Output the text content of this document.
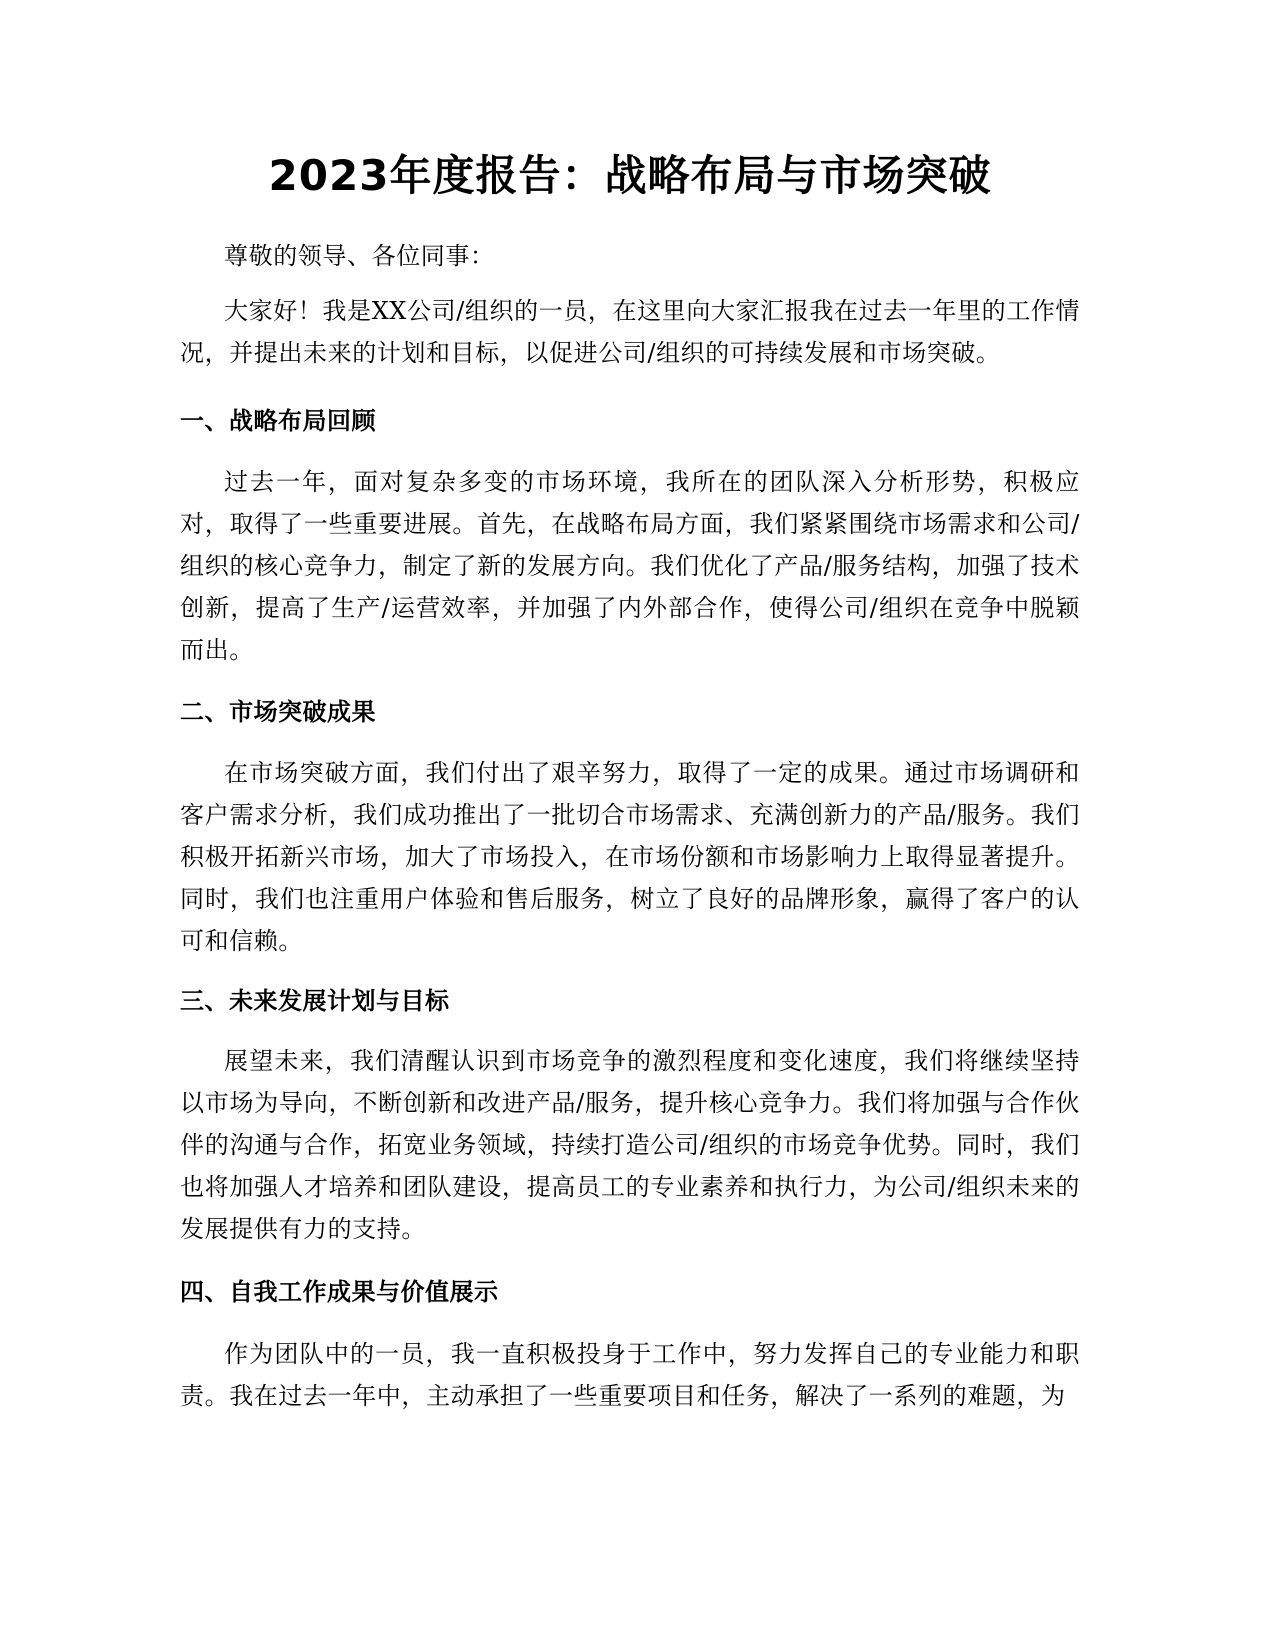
2023年度报告：战略布局与市场突破

尊敬的领导、各位同事：

大家好！我是XX公司/组织的一员，在这里向大家汇报我在过去一年里的工作情况，并提出未来的计划和目标，以促进公司/组织的可持续发展和市场突破。

一、战略布局回顾

过去一年，面对复杂多变的市场环境，我所在的团队深入分析形势，积极应对，取得了一些重要进展。首先，在战略布局方面，我们紧紧围绕市场需求和公司/组织的核心竞争力，制定了新的发展方向。我们优化了产品/服务结构，加强了技术创新，提高了生产/运营效率，并加强了内外部合作，使得公司/组织在竞争中脱颖而出。

二、市场突破成果

在市场突破方面，我们付出了艰辛努力，取得了一定的成果。通过市场调研和客户需求分析，我们成功推出了一批切合市场需求、充满创新力的产品/服务。我们积极开拓新兴市场，加大了市场投入，在市场份额和市场影响力上取得显著提升。同时，我们也注重用户体验和售后服务，树立了良好的品牌形象，赢得了客户的认可和信赖。

三、未来发展计划与目标

展望未来，我们清醒认识到市场竞争的激烈程度和变化速度，我们将继续坚持以市场为导向，不断创新和改进产品/服务，提升核心竞争力。我们将加强与合作伙伴的沟通与合作，拓宽业务领域，持续打造公司/组织的市场竞争优势。同时，我们也将加强人才培养和团队建设，提高员工的专业素养和执行力，为公司/组织未来的发展提供有力的支持。

四、自我工作成果与价值展示

作为团队中的一员，我一直积极投身于工作中，努力发挥自己的专业能力和职责。我在过去一年中，主动承担了一些重要项目和任务，解决了一系列的难题，为
